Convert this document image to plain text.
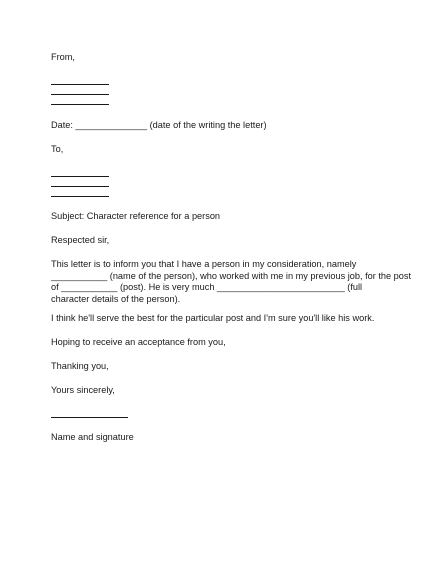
From,
Date: ______________ (date of the writing the letter)
To,
Subject: Character reference for a person
Respected sir,
This letter is to inform you that I have a person in my consideration, namely
___________ (name of the person), who worked with me in my previous job, for the post
of ___________ (post). He is very much _________________________ (full
character details of the person).
I think he'll serve the best for the particular post and I'm sure you'll like his work.
Hoping to receive an acceptance from you,
Thanking you,
Yours sincerely,
Name and signature
